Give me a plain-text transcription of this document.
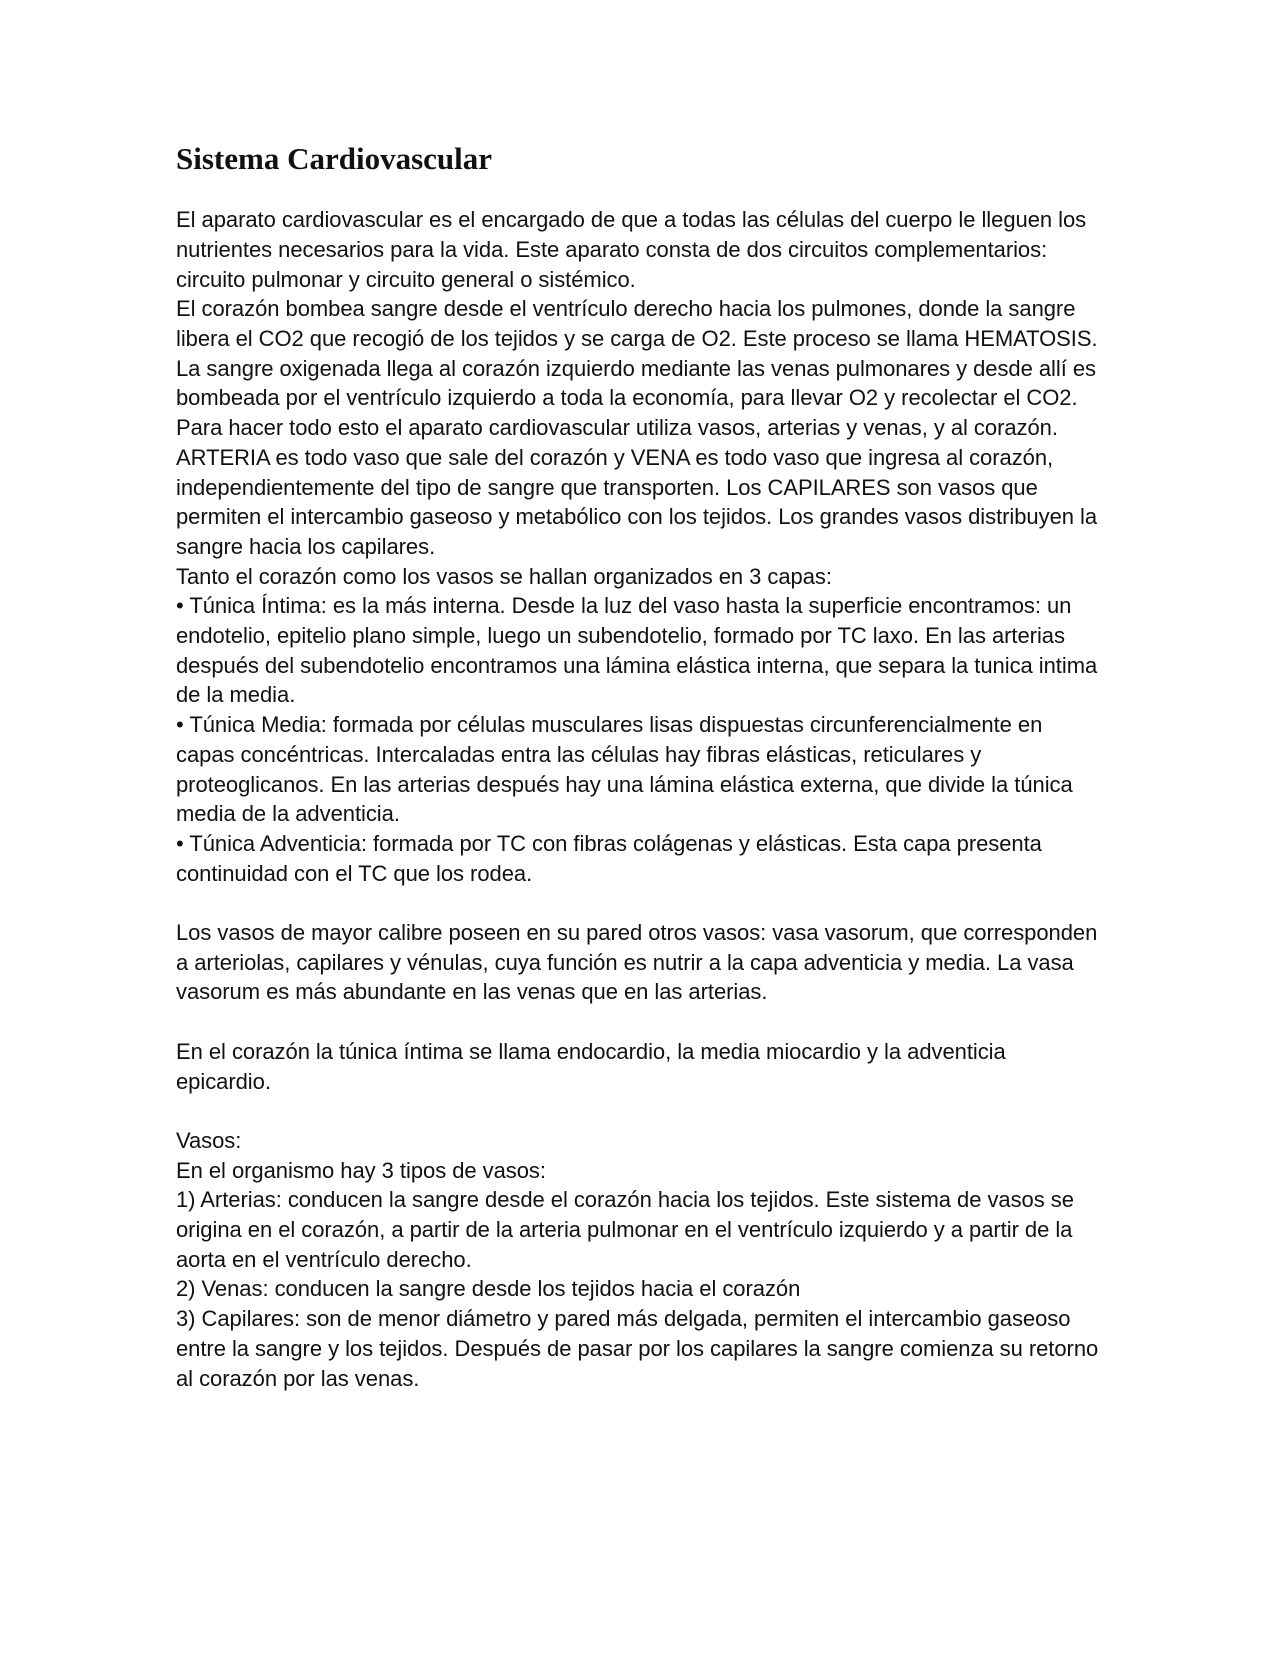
Sistema Cardiovascular

El aparato cardiovascular es el encargado de que a todas las células del cuerpo le lleguen los nutrientes necesarios para la vida. Este aparato consta de dos circuitos complementarios: circuito pulmonar y circuito general o sistémico.

El corazón bombea sangre desde el ventrículo derecho hacia los pulmones, donde la sangre libera el CO2 que recogió de los tejidos y se carga de O2. Este proceso se llama HEMATOSIS.

La sangre oxigenada llega al corazón izquierdo mediante las venas pulmonares y desde allí es bombeada por el ventrículo izquierdo a toda la economía, para llevar O2 y recolectar el CO2.

Para hacer todo esto el aparato cardiovascular utiliza vasos, arterias y venas, y al corazón. ARTERIA es todo vaso que sale del corazón y VENA es todo vaso que ingresa al corazón, independientemente del tipo de sangre que transporten. Los CAPILARES son vasos que permiten el intercambio gaseoso y metabólico con los tejidos. Los grandes vasos distribuyen la sangre hacia los capilares.

Tanto el corazón como los vasos se hallan organizados en 3 capas:

• Túnica Íntima: es la más interna. Desde la luz del vaso hasta la superficie encontramos: un endotelio, epitelio plano simple, luego un subendotelio, formado por TC laxo. En las arterias después del subendotelio encontramos una lámina elástica interna, que separa la tunica intima de la media.

• Túnica Media: formada por células musculares lisas dispuestas circunferencialmente en capas concéntricas. Intercaladas entra las células hay fibras elásticas, reticulares y proteoglicanos. En las arterias después hay una lámina elástica externa, que divide la túnica media de la adventicia.

• Túnica Adventicia: formada por TC con fibras colágenas y elásticas. Esta capa presenta continuidad con el TC que los rodea.

Los vasos de mayor calibre poseen en su pared otros vasos: vasa vasorum, que corresponden a arteriolas, capilares y vénulas, cuya función es nutrir a la capa adventicia y media. La vasa vasorum es más abundante en las venas que en las arterias.

En el corazón la túnica íntima se llama endocardio, la media miocardio y la adventicia epicardio.

Vasos:

En el organismo hay 3 tipos de vasos:

1) Arterias: conducen la sangre desde el corazón hacia los tejidos. Este sistema de vasos se origina en el corazón, a partir de la arteria pulmonar en el ventrículo izquierdo y a partir de la aorta en el ventrículo derecho.

2) Venas: conducen la sangre desde los tejidos hacia el corazón

3) Capilares: son de menor diámetro y pared más delgada, permiten el intercambio gaseoso entre la sangre y los tejidos. Después de pasar por los capilares la sangre comienza su retorno al corazón por las venas.
